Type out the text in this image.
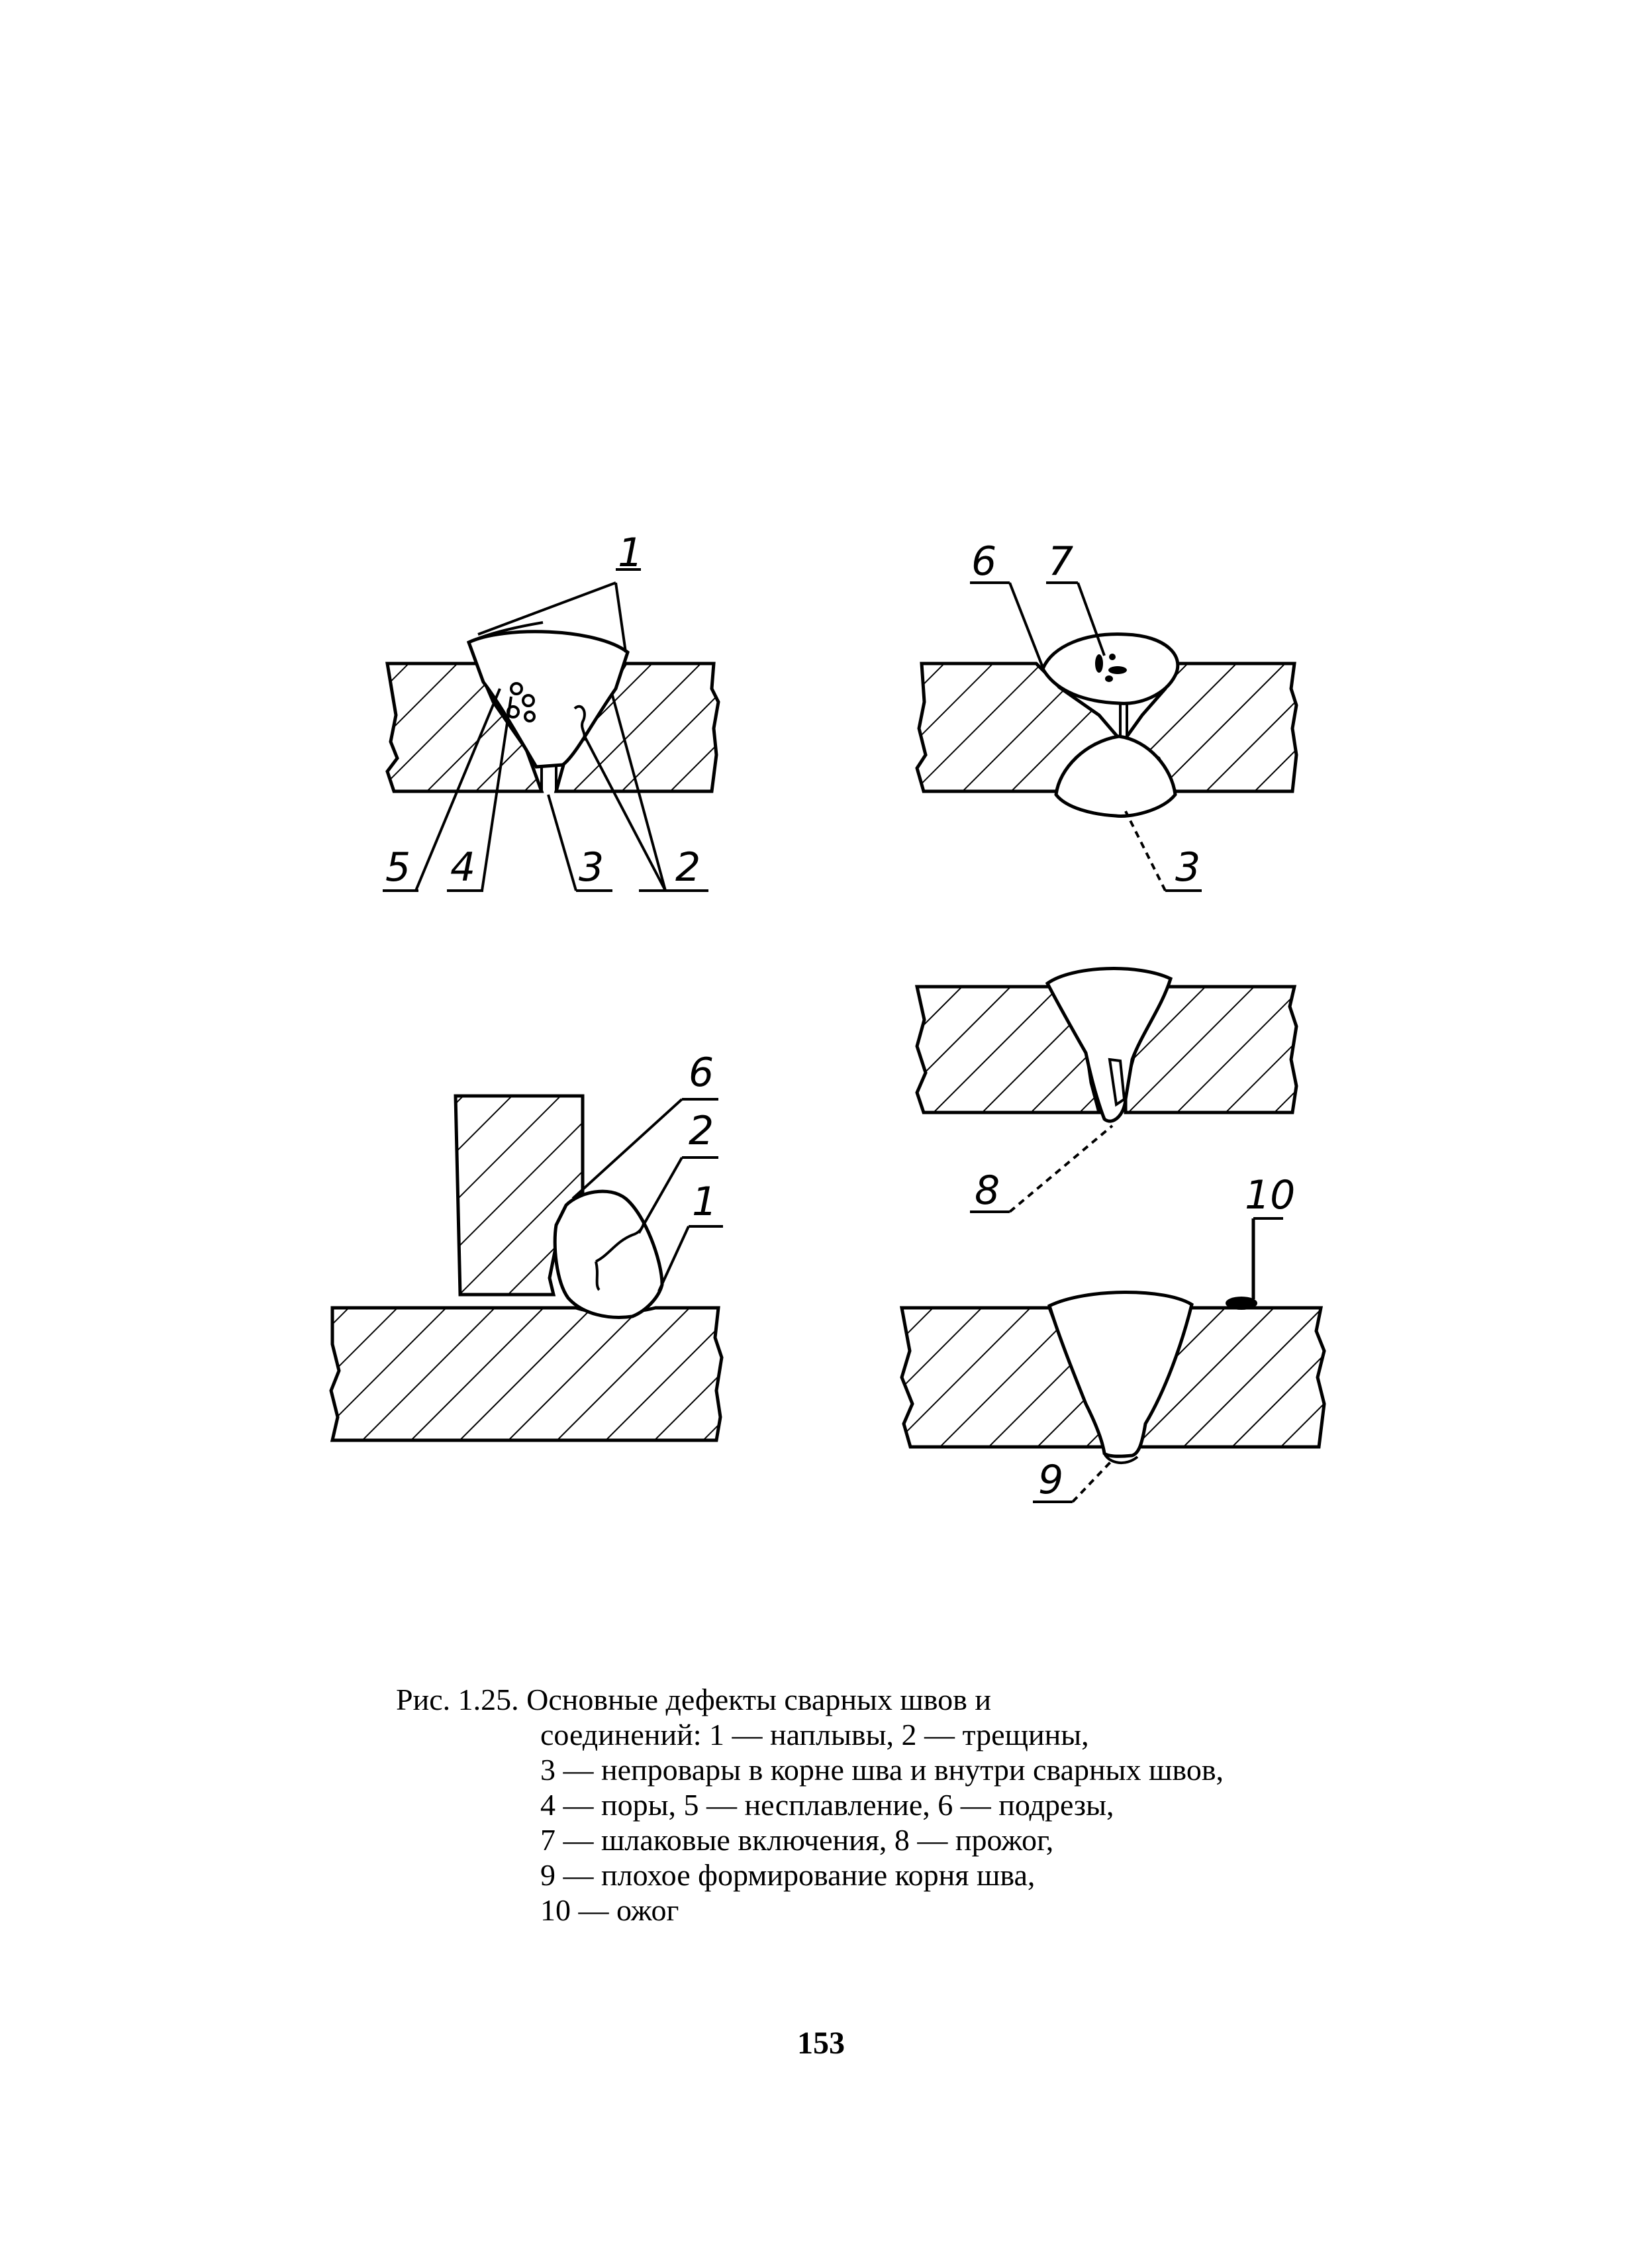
1
5 4	3 2
6 7
3
6
2
1	8	10
9
Рис. 1.25. Основные дефекты сварных швов и
соединений: 1 — наплывы, 2 — трещины,
3 — непровары в корне шва и внутри сварных швов,
4 — поры, 5 — несплавление, 6 — подрезы,
7 — шлаковые включения, 8 — прожог,
9 — плохое формирование корня шва,
10 — ожог
153
